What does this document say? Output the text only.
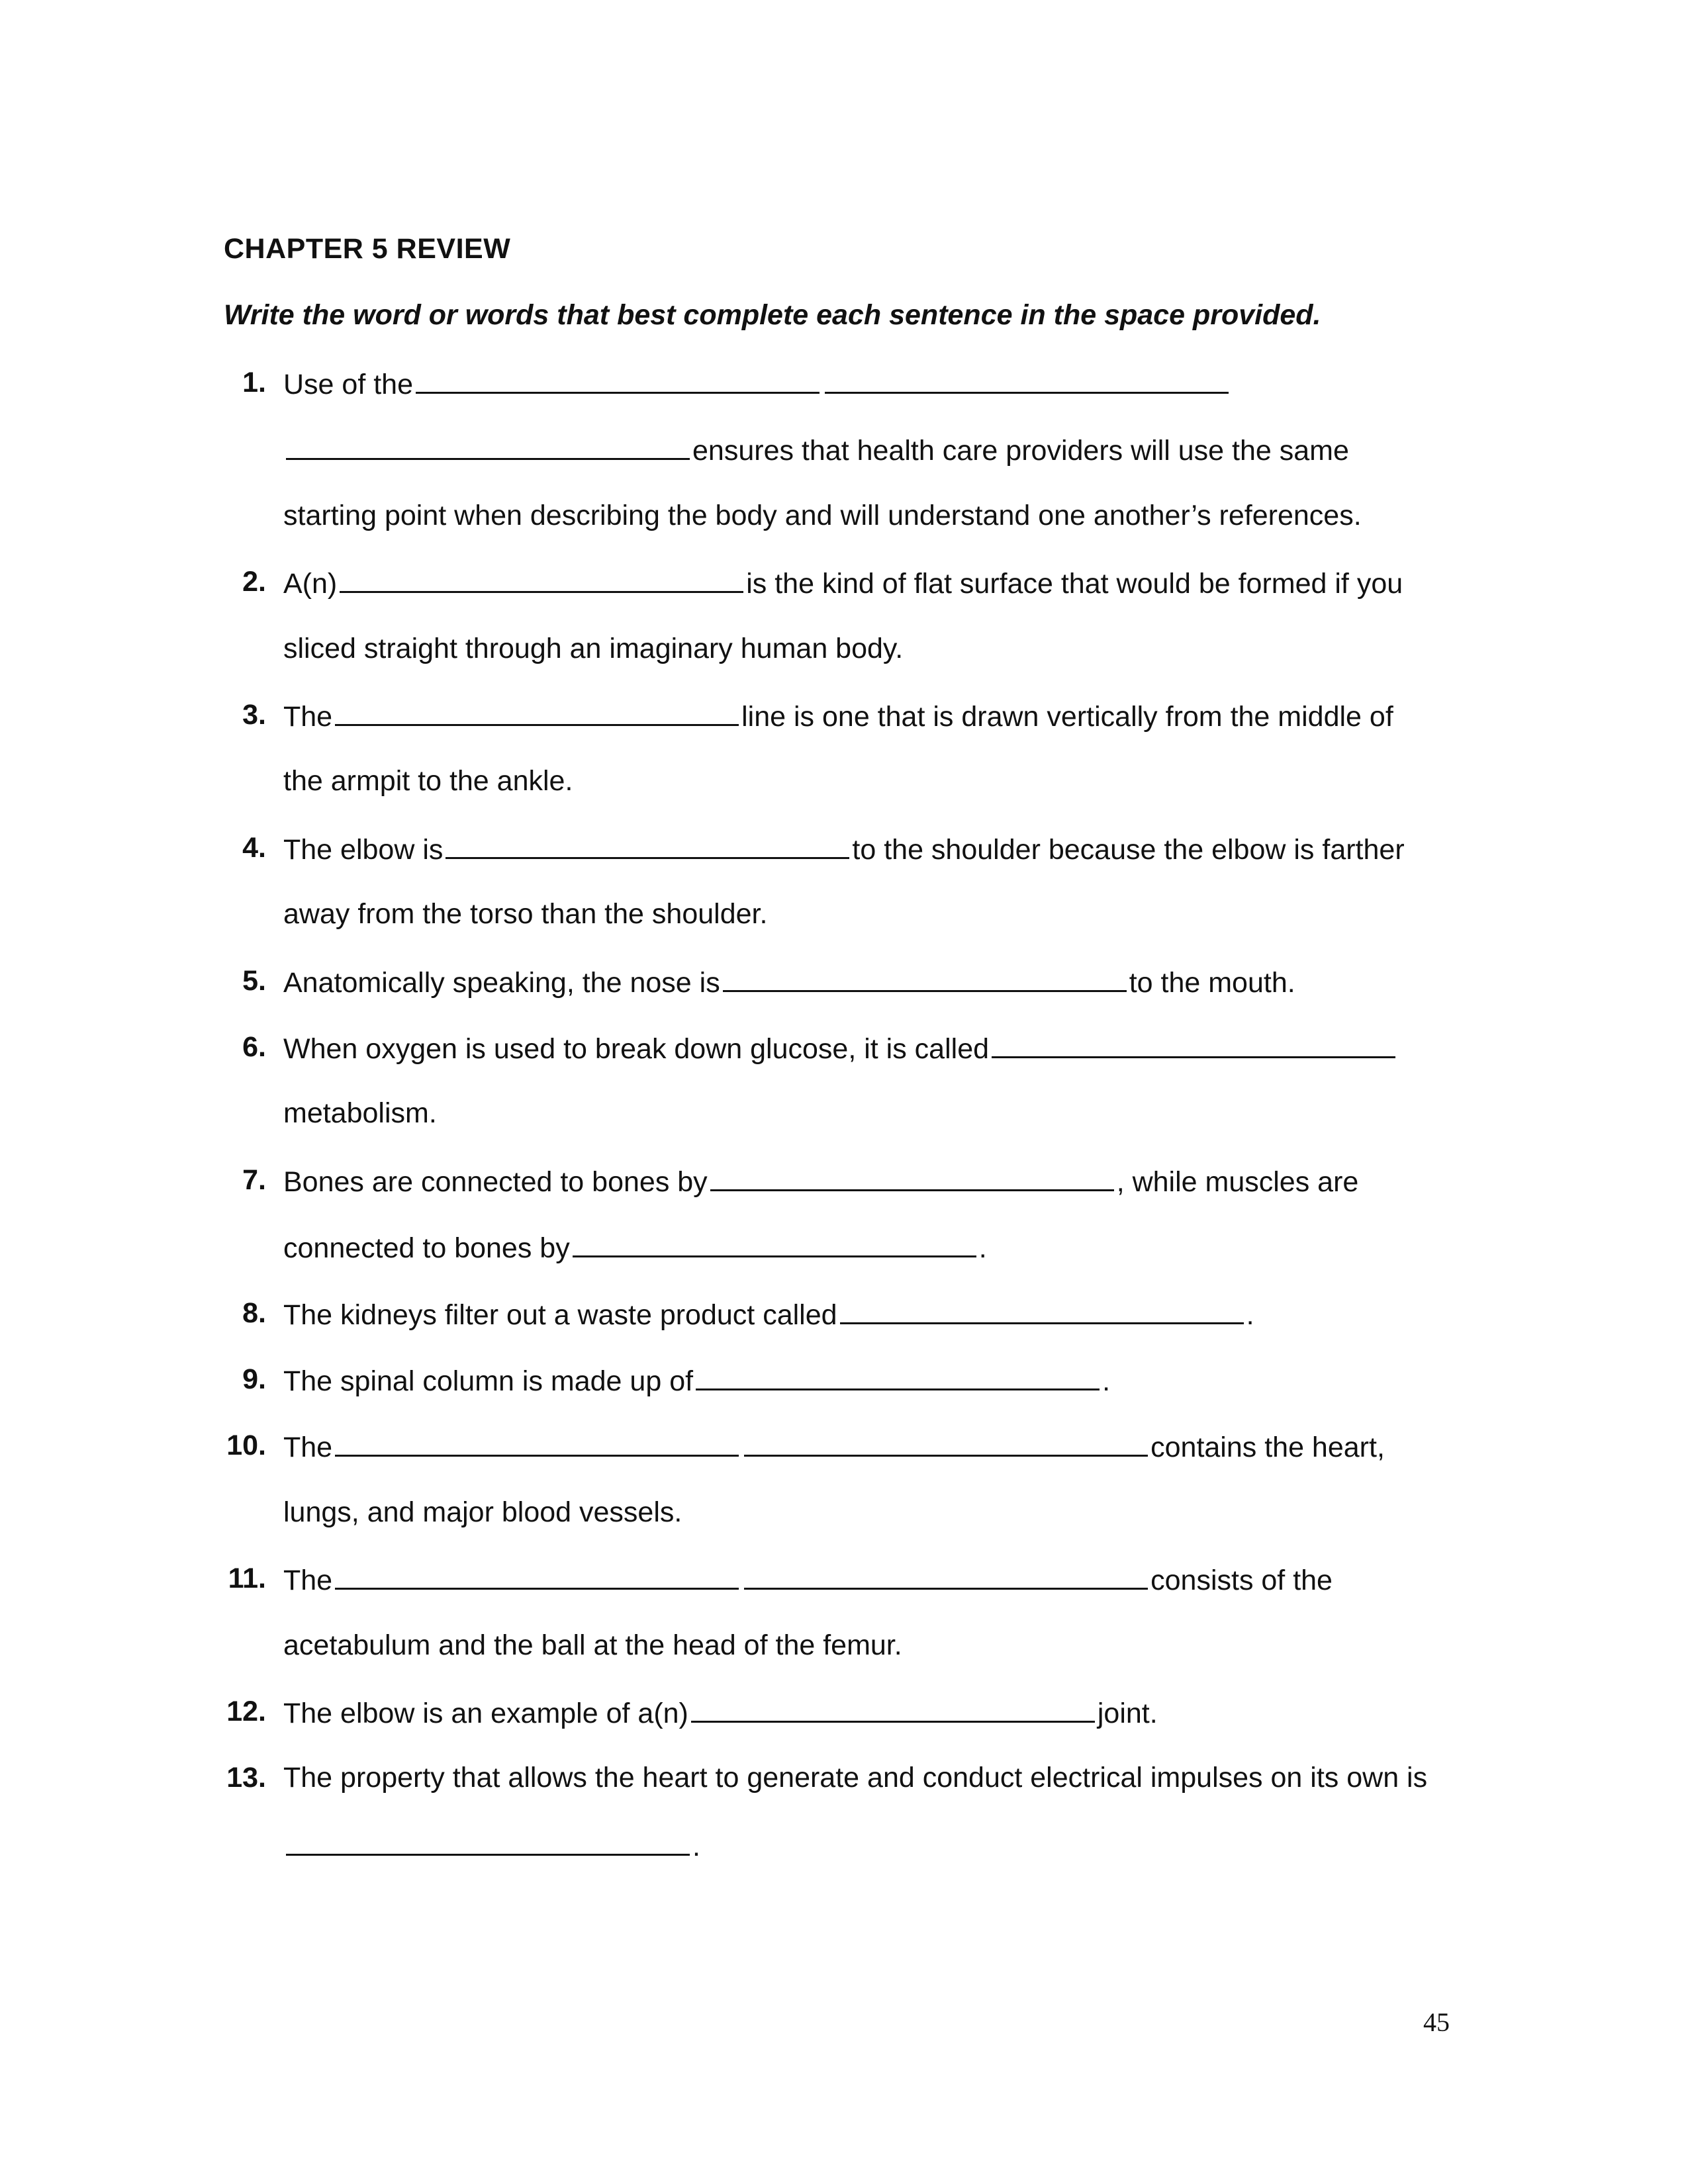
CHAPTER 5 REVIEW
Write the word or words that best complete each sentence in the space provided.
1. Use of the
ensures that health care providers will use the same
starting point when describing the body and will understand one another’s references.
2. A(n)	is the kind of flat surface that would be formed if you
sliced straight through an imaginary human body.
3. The	line is one that is drawn vertically from the middle of
the armpit to the ankle.
4. The elbow is	to the shoulder because the elbow is farther
away from the torso than the shoulder.
5. Anatomically speaking, the nose is	to the mouth.
6. When oxygen is used to break down glucose, it is called
metabolism.
7. Bones are connected to bones by	, while muscles are
connected to bones by	.
8. The kidneys filter out a waste product called	.
9. The spinal column is made up of	.
10. The	contains the heart,
lungs, and major blood vessels.
11. The	consists of the
acetabulum and the ball at the head of the femur.
12. The elbow is an example of a(n)	joint.
13. The property that allows the heart to generate and conduct electrical impulses on its own is
.
45
